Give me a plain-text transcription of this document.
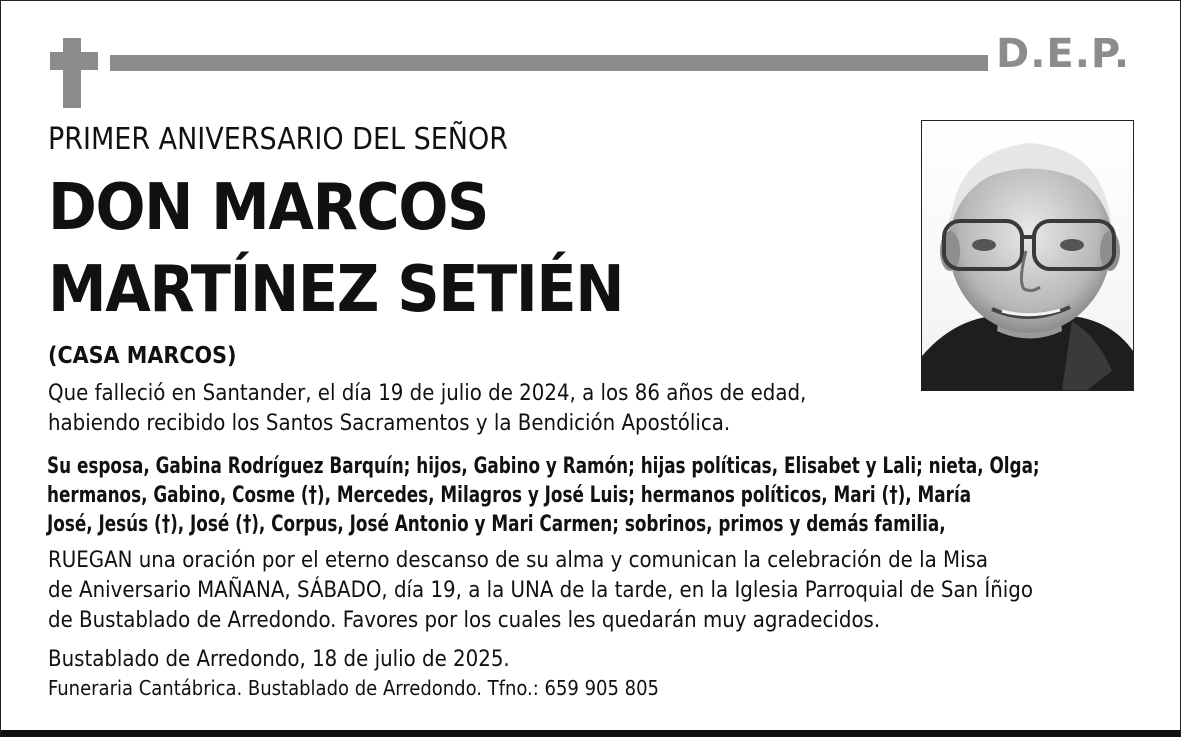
D.E.P.
PRIMER ANIVERSARIO DEL SEÑOR
DON MARCOS
MARTÍNEZ SETIÉN
(CASA MARCOS)
Que falleció en Santander, el día 19 de julio de 2024, a los 86 años de edad,
habiendo recibido los Santos Sacramentos y la Bendición Apostólica.
Su esposa, Gabina Rodríguez Barquín; hijos, Gabino y Ramón; hijas políticas, Elisabet y Lali; nieta, Olga;
hermanos, Gabino, Cosme (†), Mercedes, Milagros y José Luis; hermanos políticos, Mari (†), María
José, Jesús (†), José (†), Corpus, José Antonio y Mari Carmen; sobrinos, primos y demás familia,
RUEGAN una oración por el eterno descanso de su alma y comunican la celebración de la Misa
de Aniversario MAÑANA, SÁBADO, día 19, a la UNA de la tarde, en la Iglesia Parroquial de San Íñigo
de Bustablado de Arredondo. Favores por los cuales les quedarán muy agradecidos.
Bustablado de Arredondo, 18 de julio de 2025.
Funeraria Cantábrica. Bustablado de Arredondo. Tfno.: 659 905 805
